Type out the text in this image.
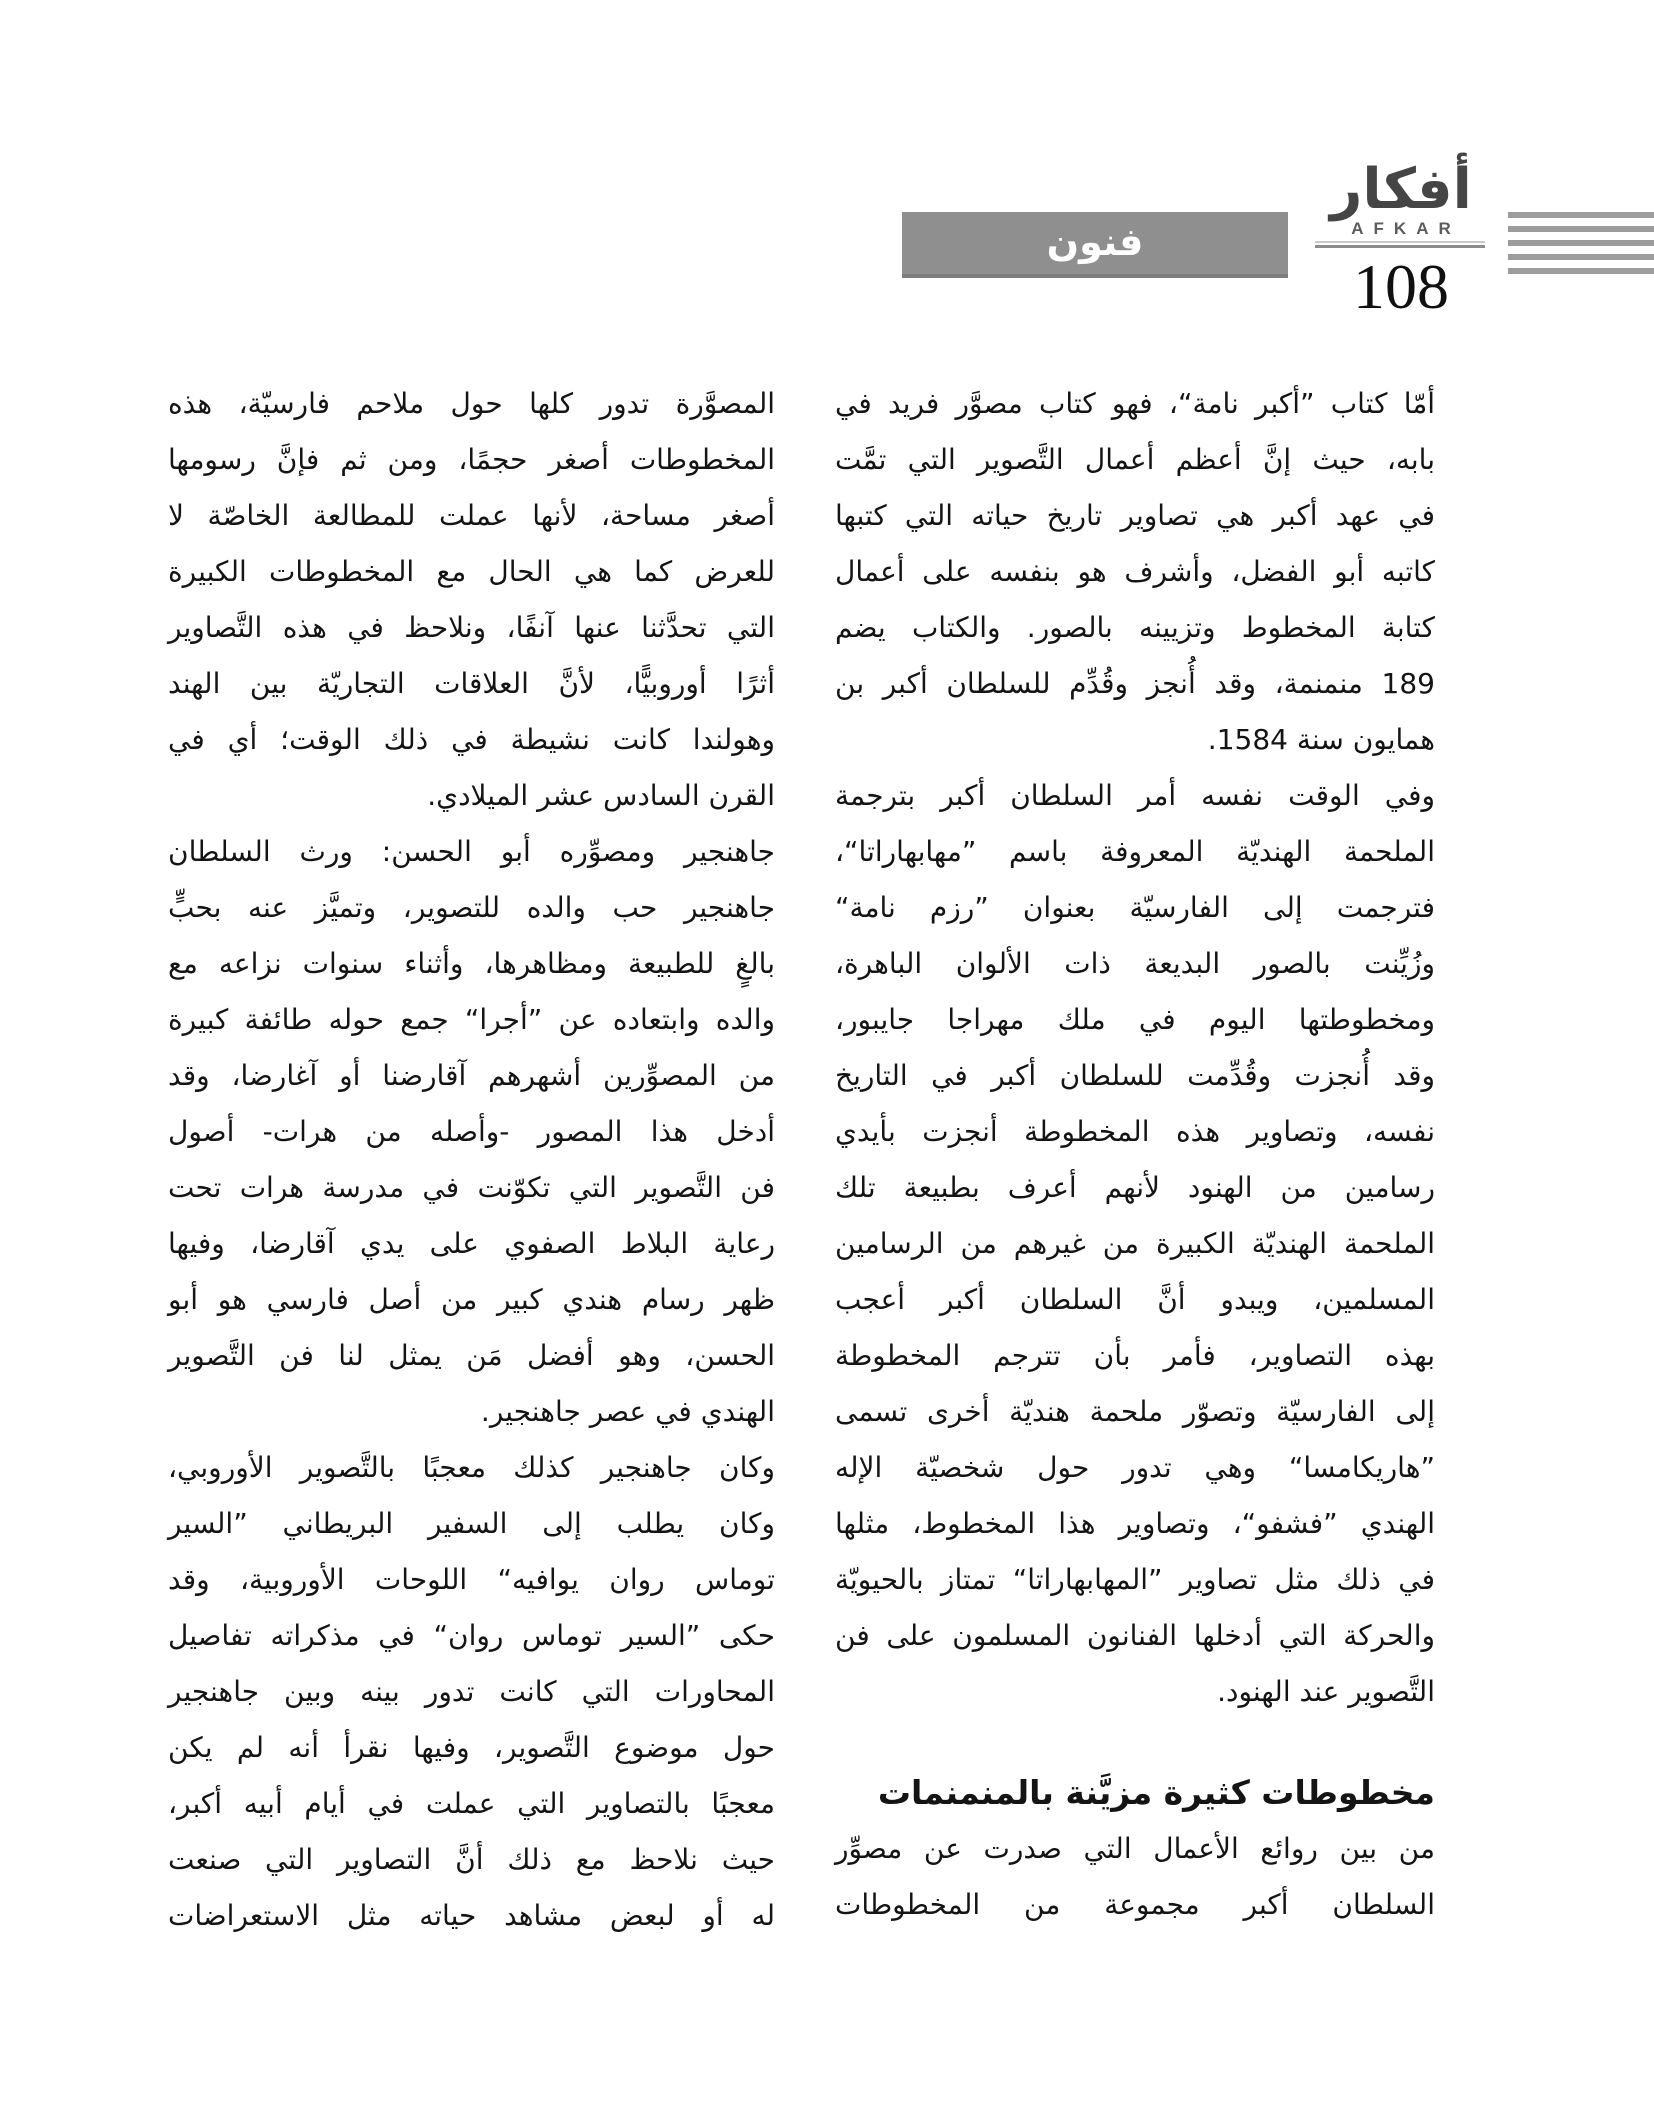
فنون
أفكار
AFKAR
108
أمّا كتاب ”أكبر نامة“، فهو كتاب مصوَّر فريد في
بابه، حيث إنَّ أعظم أعمال التَّصوير التي تمَّت
في عهد أكبر هي تصاوير تاريخ حياته التي كتبها
كاتبه أبو الفضل، وأشرف هو بنفسه على أعمال
كتابة المخطوط وتزيينه بالصور. والكتاب يضم
189 منمنمة، وقد أُنجز وقُدِّم للسلطان أكبر بن
همايون سنة 1584.
وفي الوقت نفسه أمر السلطان أكبر بترجمة
الملحمة الهنديّة المعروفة باسم ”مهابهاراتا“،
فترجمت إلى الفارسيّة بعنوان ”رزم نامة“
وزُيِّنت بالصور البديعة ذات الألوان الباهرة،
ومخطوطتها اليوم في ملك مهراجا جايبور،
وقد أُنجزت وقُدِّمت للسلطان أكبر في التاريخ
نفسه، وتصاوير هذه المخطوطة أنجزت بأيدي
رسامين من الهنود لأنهم أعرف بطبيعة تلك
الملحمة الهنديّة الكبيرة من غيرهم من الرسامين
المسلمين، ويبدو أنَّ السلطان أكبر أعجب
بهذه التصاوير، فأمر بأن تترجم المخطوطة
إلى الفارسيّة وتصوّر ملحمة هنديّة أخرى تسمى
”هاريكامسا“ وهي تدور حول شخصيّة الإله
الهندي ”فشفو“، وتصاوير هذا المخطوط، مثلها
في ذلك مثل تصاوير ”المهابهاراتا“ تمتاز بالحيويّة
والحركة التي أدخلها الفنانون المسلمون على فن
التَّصوير عند الهنود.
مخطوطات كثيرة مزيَّنة بالمنمنمات
من بين روائع الأعمال التي صدرت عن مصوِّر
السلطان أكبر مجموعة من المخطوطات
المصوَّرة تدور كلها حول ملاحم فارسيّة، هذه
المخطوطات أصغر حجمًا، ومن ثم فإنَّ رسومها
أصغر مساحة، لأنها عملت للمطالعة الخاصّة لا
للعرض كما هي الحال مع المخطوطات الكبيرة
التي تحدَّثنا عنها آنفًا، ونلاحظ في هذه التَّصاوير
أثرًا أوروبيًّا، لأنَّ العلاقات التجاريّة بين الهند
وهولندا كانت نشيطة في ذلك الوقت؛ أي في
القرن السادس عشر الميلادي.
جاهنجير ومصوِّره أبو الحسن: ورث السلطان
جاهنجير حب والده للتصوير، وتميَّز عنه بحبٍّ
بالغٍ للطبيعة ومظاهرها، وأثناء سنوات نزاعه مع
والده وابتعاده عن ”أجرا“ جمع حوله طائفة كبيرة
من المصوِّرين أشهرهم آقارضنا أو آغارضا، وقد
أدخل هذا المصور -وأصله من هرات- أصول
فن التَّصوير التي تكوّنت في مدرسة هرات تحت
رعاية البلاط الصفوي على يدي آقارضا، وفيها
ظهر رسام هندي كبير من أصل فارسي هو أبو
الحسن، وهو أفضل مَن يمثل لنا فن التَّصوير
الهندي في عصر جاهنجير.
وكان جاهنجير كذلك معجبًا بالتَّصوير الأوروبي،
وكان يطلب إلى السفير البريطاني ”السير
توماس روان يوافيه“ اللوحات الأوروبية، وقد
حكى ”السير توماس روان“ في مذكراته تفاصيل
المحاورات التي كانت تدور بينه وبين جاهنجير
حول موضوع التَّصوير، وفيها نقرأ أنه لم يكن
معجبًا بالتصاوير التي عملت في أيام أبيه أكبر،
حيث نلاحظ مع ذلك أنَّ التصاوير التي صنعت
له أو لبعض مشاهد حياته مثل الاستعراضات
